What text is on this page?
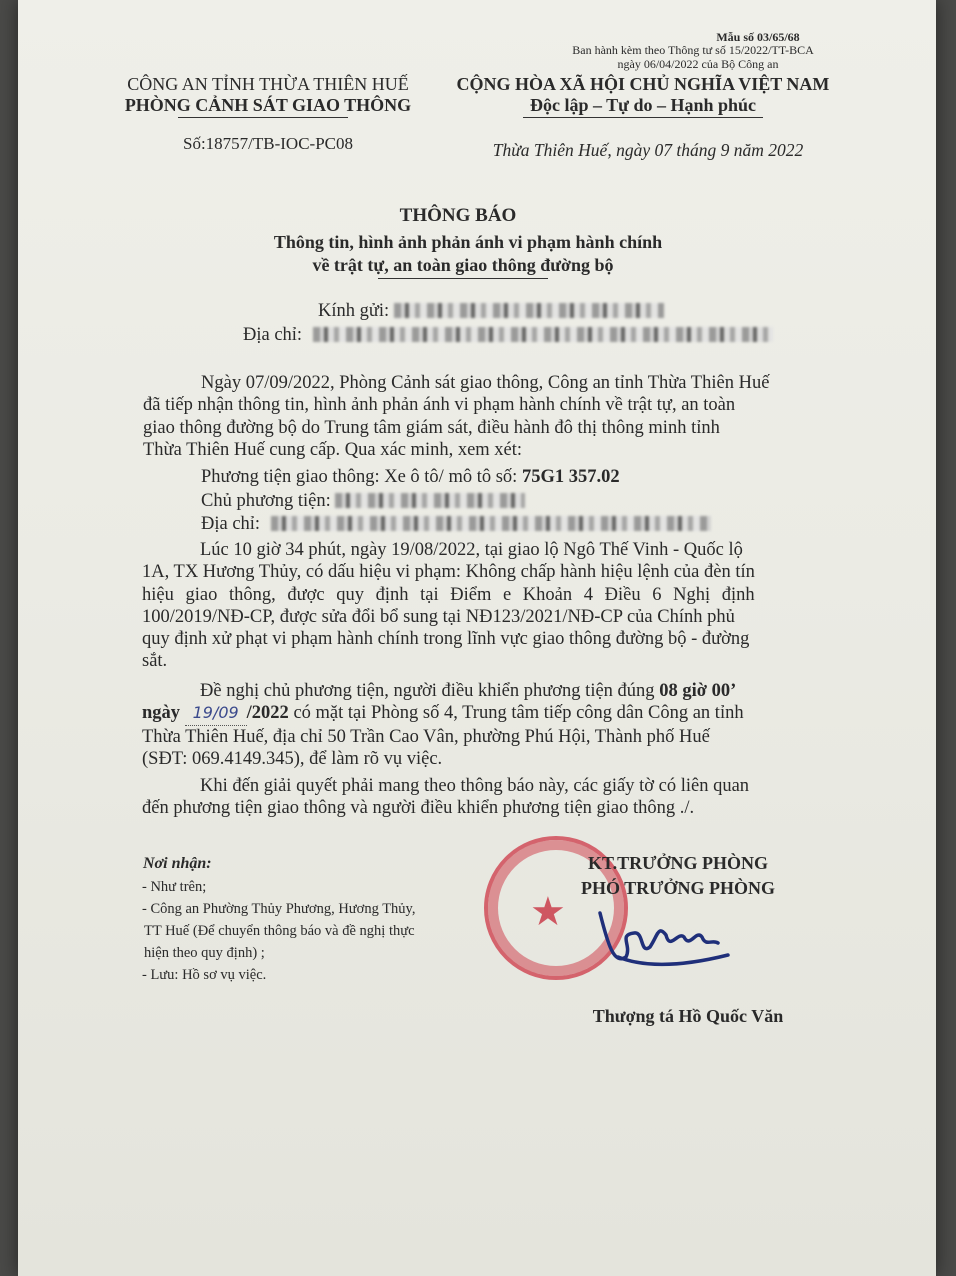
Mẫu số 03/65/68
Ban hành kèm theo Thông tư số 15/2022/TT-BCA
ngày 06/04/2022 của Bộ Công an
CÔNG AN TỈNH THỪA THIÊN HUẾ
PHÒNG CẢNH SÁT GIAO THÔNG
Số:18757/TB-IOC-PC08
CỘNG HÒA XÃ HỘI CHỦ NGHĨA VIỆT NAM
Độc lập – Tự do – Hạnh phúc
Thừa Thiên Huế, ngày 07 tháng 9 năm 2022
THÔNG BÁO
Thông tin, hình ảnh phản ánh vi phạm hành chính
về trật tự, an toàn giao thông đường bộ
Kính gửi:
Địa chỉ:
Ngày 07/09/2022, Phòng Cảnh sát giao thông, Công an tỉnh Thừa Thiên Huế
đã tiếp nhận thông tin, hình ảnh phản ánh vi phạm hành chính về trật tự, an toàn
giao thông đường bộ do Trung tâm giám sát, điều hành đô thị thông minh tỉnh
Thừa Thiên Huế cung cấp. Qua xác minh, xem xét:
Phương tiện giao thông: Xe ô tô/ mô tô số: 75G1 357.02
Chủ phương tiện:
Địa chỉ:
Lúc 10 giờ 34 phút, ngày 19/08/2022, tại giao lộ Ngô Thế Vinh - Quốc lộ
1A, TX Hương Thủy, có dấu hiệu vi phạm: Không chấp hành hiệu lệnh của đèn tín
hiệu giao thông, được quy định tại Điểm e Khoản 4 Điều 6 Nghị định
100/2019/NĐ-CP, được sửa đổi bổ sung tại NĐ123/2021/NĐ-CP của Chính phủ
quy định xử phạt vi phạm hành chính trong lĩnh vực giao thông đường bộ - đường
sắt.
Đề nghị chủ phương tiện, người điều khiển phương tiện đúng 08 giờ 00’
ngày 19/09 /2022 có mặt tại Phòng số 4, Trung tâm tiếp công dân Công an tỉnh
Thừa Thiên Huế, địa chỉ 50 Trần Cao Vân, phường Phú Hội, Thành phố Huế
(SĐT: 069.4149.345), để làm rõ vụ việc.
Khi đến giải quyết phải mang theo thông báo này, các giấy tờ có liên quan
đến phương tiện giao thông và người điều khiển phương tiện giao thông ./.
Nơi nhận:
- Như trên;
- Công an Phường Thủy Phương, Hương Thủy,
TT Huế (Để chuyển thông báo và đề nghị thực
hiện theo quy định) ;
- Lưu: Hồ sơ vụ việc.
★
KT.TRƯỞNG PHÒNG
PHÓ TRƯỞNG PHÒNG
Thượng tá Hồ Quốc Văn
